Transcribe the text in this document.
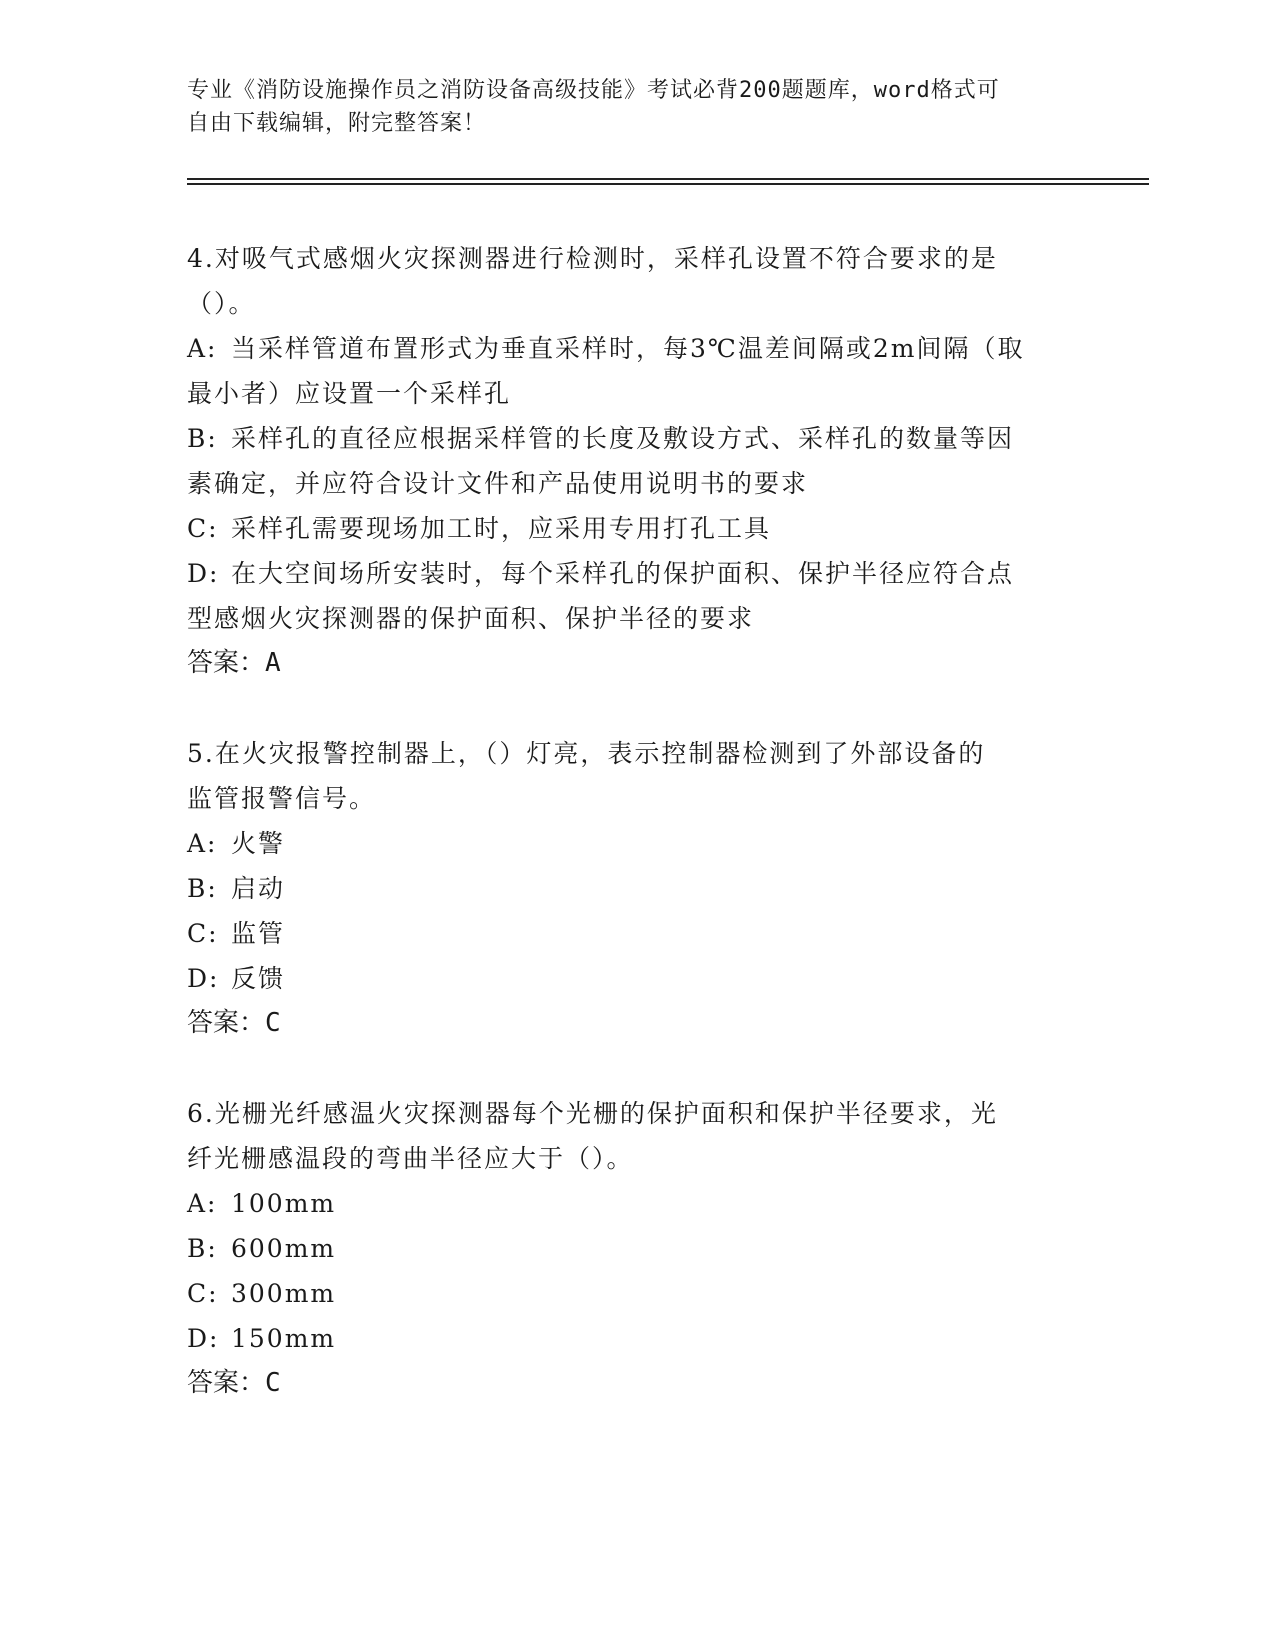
专业《消防设施操作员之消防设备高级技能》考试必背200题题库，word格式可
自由下载编辑，附完整答案！
4.对吸气式感烟火灾探测器进行检测时，采样孔设置不符合要求的是
（）。
A: 当采样管道布置形式为垂直采样时，每3℃温差间隔或2m间隔（取
最小者）应设置一个采样孔
B: 采样孔的直径应根据采样管的长度及敷设方式、采样孔的数量等因
素确定，并应符合设计文件和产品使用说明书的要求
C: 采样孔需要现场加工时，应采用专用打孔工具
D: 在大空间场所安装时，每个采样孔的保护面积、保护半径应符合点
型感烟火灾探测器的保护面积、保护半径的要求
答案：A
5.在火灾报警控制器上，（）灯亮，表示控制器检测到了外部设备的
监管报警信号。
A: 火警
B: 启动
C: 监管
D: 反馈
答案：C
6.光栅光纤感温火灾探测器每个光栅的保护面积和保护半径要求，光
纤光栅感温段的弯曲半径应大于（）。
A: 100mm
B: 600mm
C: 300mm
D: 150mm
答案：C
